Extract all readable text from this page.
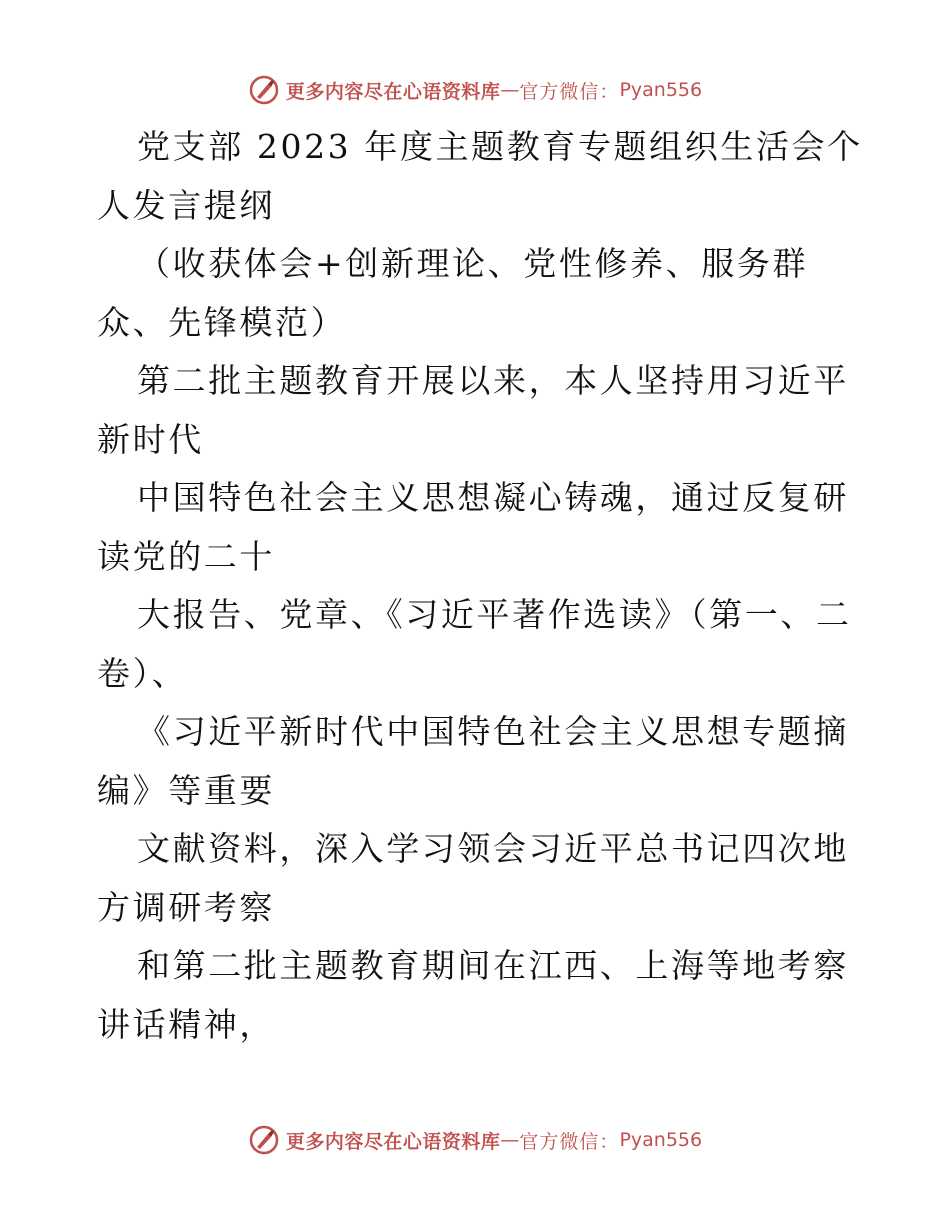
更多内容尽在心语资料库 — 官方微信： Pyan556

党支部 2023 年度主题教育专题组织生活会个人发言提纲

（收获体会+创新理论、党性修养、服务群众、先锋模范）

第二批主题教育开展以来，本人坚持用习近平新时代

中国特色社会主义思想凝心铸魂，通过反复研读党的二十

大报告、党章、《习近平著作选读》（第一、二卷）、

《习近平新时代中国特色社会主义思想专题摘编》等重要

文献资料，深入学习领会习近平总书记四次地方调研考察

和第二批主题教育期间在江西、上海等地考察讲话精神，

更多内容尽在心语资料库 — 官方微信： Pyan556
